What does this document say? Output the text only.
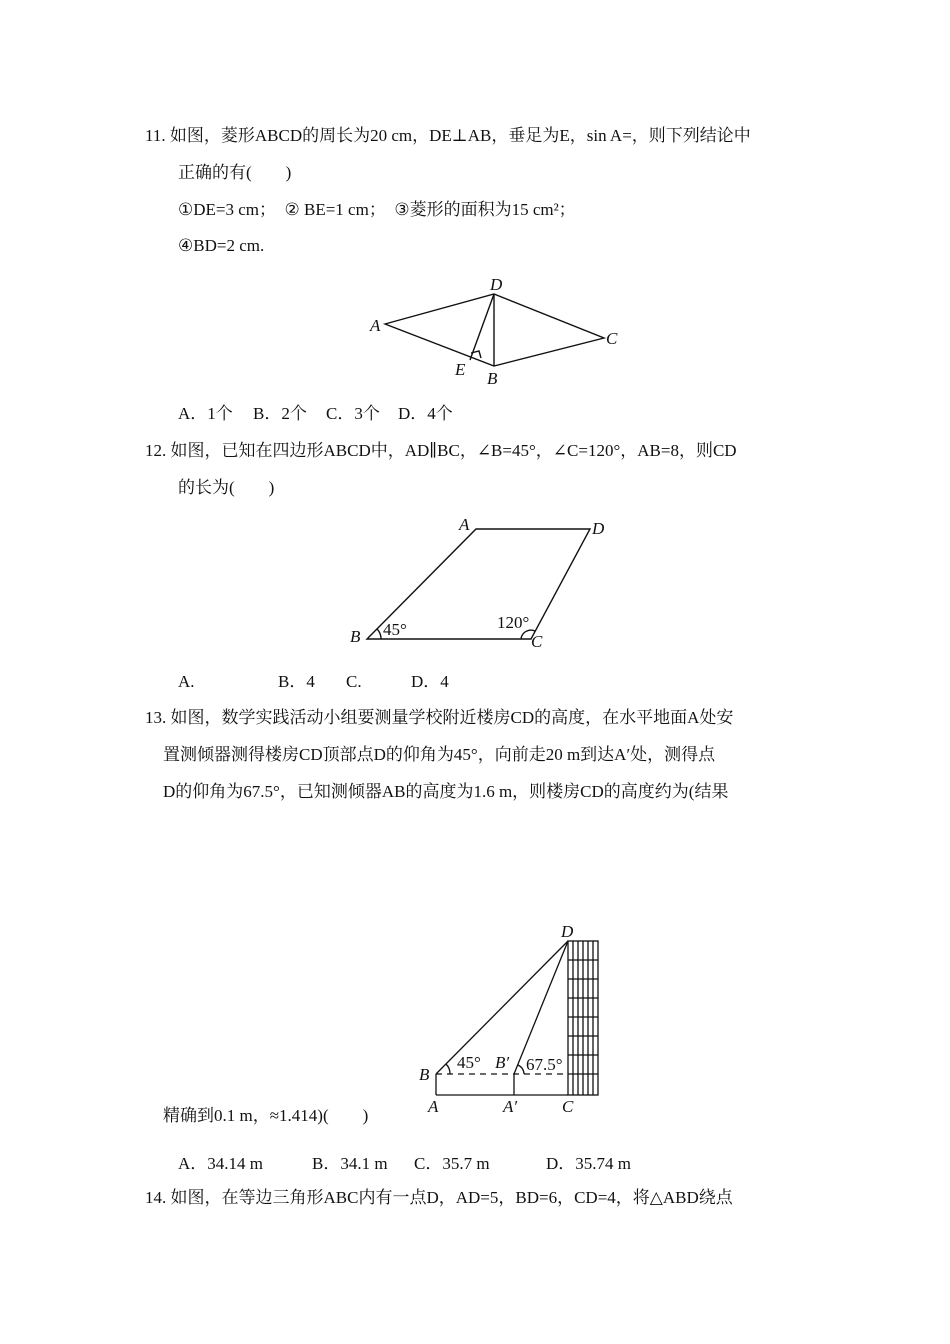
11. 如图，菱形ABCD的周长为20 cm，DE⊥AB，垂足为E，sin A=，则下列结论中
正确的有(　　)
①DE=3 cm；　② BE=1 cm；　③菱形的面积为15 cm²；
④BD=2 cm.
A
D
C
E B
A．1个 B．2个 C．3个 D．4个
12. 如图，已知在四边形ABCD中，AD∥BC，∠B=45°，∠C=120°，AB=8，则CD
的长为(　　)
A	D
B	C
45°	120°
A.	B．4 C.	D．4
13. 如图，数学实践活动小组要测量学校附近楼房CD的高度，在水平地面A处安
置测倾器测得楼房CD顶部点D的仰角为45°，向前走20 m到达A′处，测得点
D的仰角为67.5°，已知测倾器AB的高度为1.6 m，则楼房CD的高度约为(结果
D
B
B′
A	A′	C
45°	67.5°
精确到0.1 m，≈1.414)(　　)
A．34.14 m	B．34.1 m C．35.7 m	D．35.74 m
14. 如图，在等边三角形ABC内有一点D，AD=5，BD=6，CD=4，将△ABD绕点
